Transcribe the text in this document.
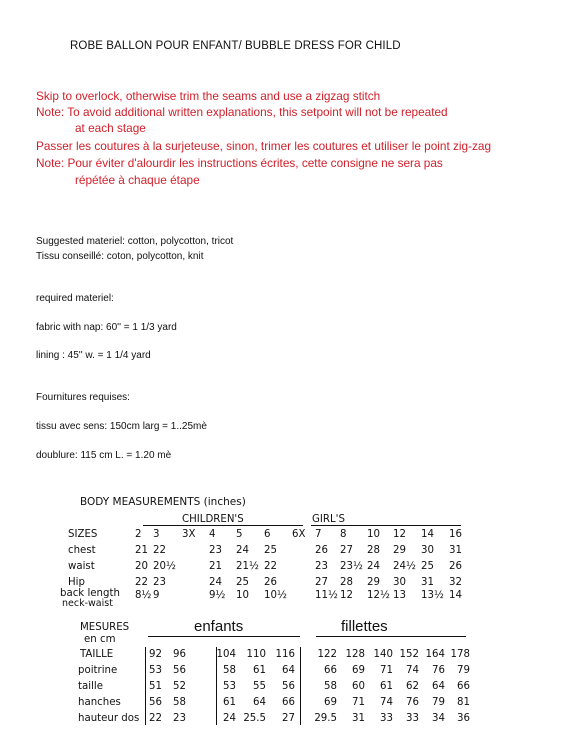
ROBE BALLON POUR ENFANT/ BUBBLE DRESS FOR CHILD
Skip to overlock, otherwise trim the seams and use a zigzag stitch
Note: To avoid additional written explanations, this setpoint will not be repeated
at each stage
Passer les coutures à la surjeteuse, sinon, trimer les coutures et utiliser le point zig-zag
Note: Pour éviter d'alourdir les instructions écrites, cette consigne ne sera pas
répétée à chaque étape
Suggested materiel: cotton, polycotton, tricot
Tissu conseillé: coton, polycotton, knit
required materiel:
fabric with nap: 60'' = 1 1/3 yard
lining : 45'' w. = 1 1/4 yard
Fournitures requises:
tissu avec sens: 150cm larg = 1..25mè
doublure: 115 cm L. = 1.20 mè
BODY MEASUREMENTS (inches)
CHILDREN'S	GIRL'S
SIZES	2 3 3X 4 5 6 6X 7 8 10 12 14 16
chest	21 22	23 24 25	26 27 28 29 30 31
waist	20 20½	21 21½ 22	23 23½ 24 24½ 25 26
Hip	22 23	24 25 26	27 28 29 30 31 32
back length 8½ 9	9½ 10 10½	11½ 12 12½ 13 13½ 14
neck-waist
MESURES
en cm
enfants	fillettes
TAILLE	92	96	104	110 116	122 128 140 152 164 178
poitrine	53	56	58	61	64	66	69	71	74	76	79
taille	51	52	53	55	56	58	60	61	62	64	66
hanches	56	58	61	64	66	69	71	74	76	79	81
hauteur dos 22	23	24 25.5	27	29.5	31	33	33	34	36
